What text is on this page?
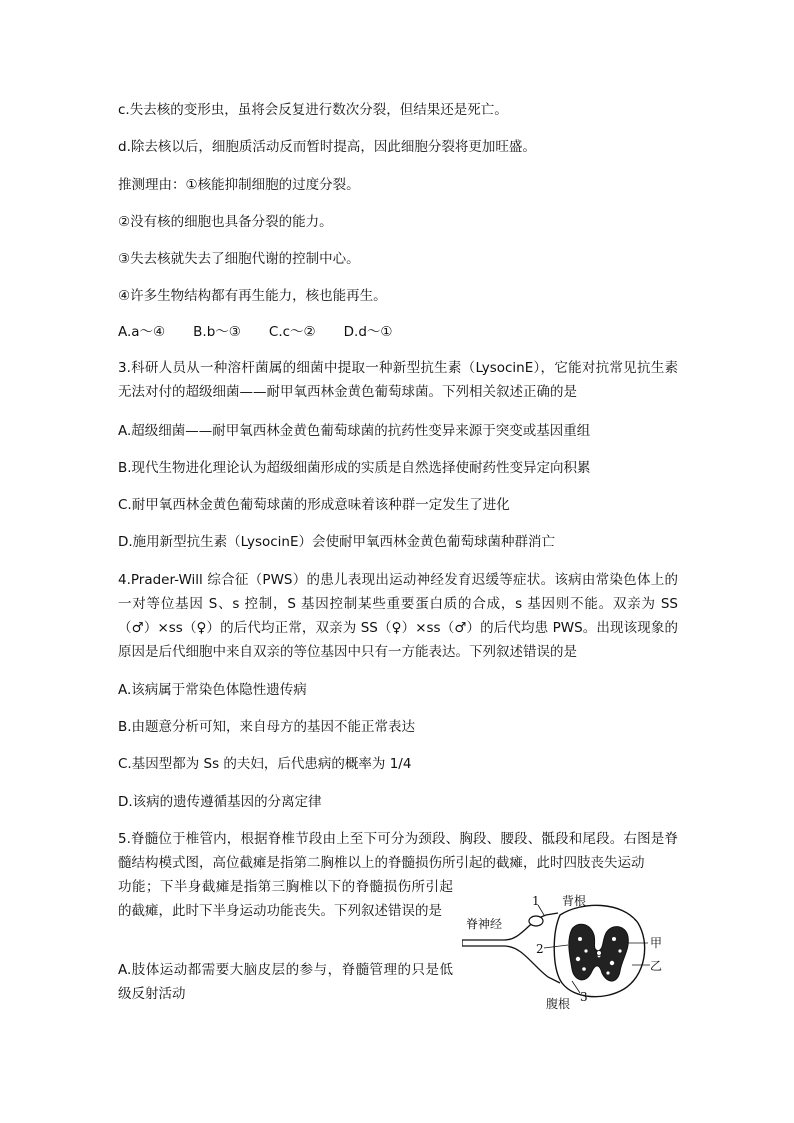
c.失去核的变形虫，虽将会反复进行数次分裂，但结果还是死亡。
d.除去核以后，细胞质活动反而暂时提高，因此细胞分裂将更加旺盛。
推测理由：①核能抑制细胞的过度分裂。
②没有核的细胞也具备分裂的能力。
③失去核就失去了细胞代谢的控制中心。
④许多生物结构都有再生能力，核也能再生。
A.a～④ B.b～③ C.c～② D.d～①
3.科研人员从一种溶杆菌属的细菌中提取一种新型抗生素（LysocinE），它能对抗常见抗生素无法对付的超级细菌——耐甲氧西林金黄色葡萄球菌。下列相关叙述正确的是
A.超级细菌——耐甲氧西林金黄色葡萄球菌的抗药性变异来源于突变或基因重组
B.现代生物进化理论认为超级细菌形成的实质是自然选择使耐药性变异定向积累
C.耐甲氧西林金黄色葡萄球菌的形成意味着该种群一定发生了进化
D.施用新型抗生素（LysocinE）会使耐甲氧西林金黄色葡萄球菌种群消亡
4.Prader-Will 综合征（PWS）的患儿表现出运动神经发育迟缓等症状。该病由常染色体上的一对等位基因 S、s 控制，S 基因控制某些重要蛋白质的合成，s 基因则不能。双亲为 SS（♂）×ss（♀）的后代均正常，双亲为 SS（♀）×ss（♂）的后代均患 PWS。出现该现象的原因是后代细胞中来自双亲的等位基因中只有一方能表达。下列叙述错误的是
A.该病属于常染色体隐性遗传病
B.由题意分析可知，来自母方的基因不能正常表达
C.基因型都为 Ss 的夫妇，后代患病的概率为 1/4
D.该病的遗传遵循基因的分离定律
5.脊髓位于椎管内，根据脊椎节段由上至下可分为颈段、胸段、腰段、骶段和尾段。右图是脊髓结构模式图，高位截瘫是指第二胸椎以上的脊髓损伤所引起的截瘫，此时四肢丧失运动
功能；下半身截瘫是指第三胸椎以下的脊髓损伤所引起的截瘫，此时下半身运动功能丧失。下列叙述错误的是
A.肢体运动都需要大脑皮层的参与，脊髓管理的只是低级反射活动
脊神经
背根
腹根
甲
乙
1
2
3
